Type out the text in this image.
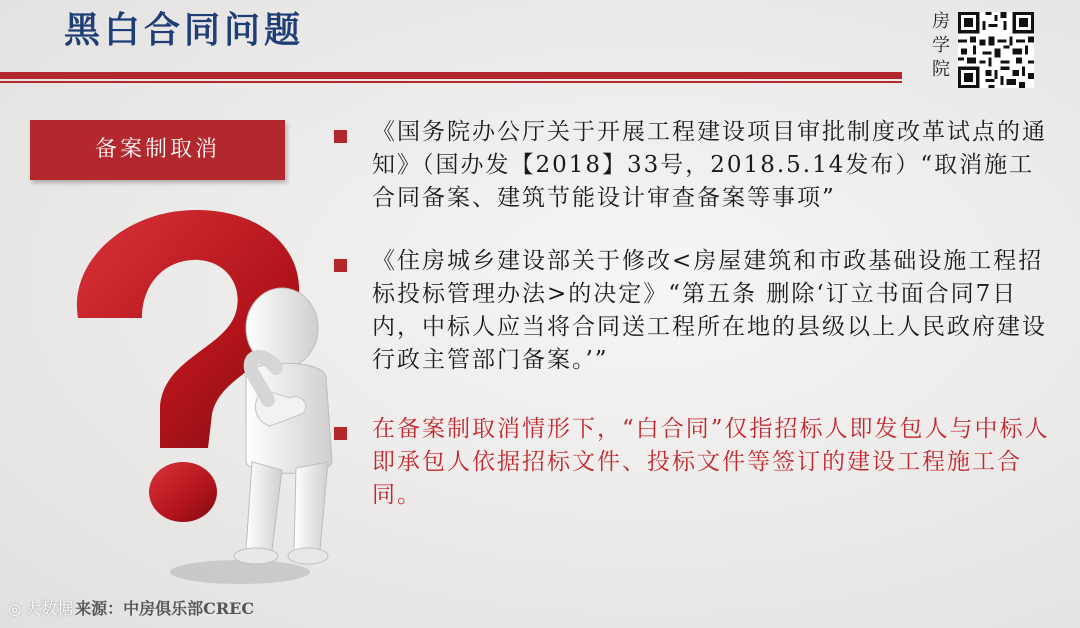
黑白合同问题	房
学
院
备案制取消

《国务院办公厅关于开展工程建设项目审批制度改革试点的通知》（国办发【2018】33号，2018.5.14发布）“取消施工合同备案、建筑节能设计审查备案等事项”

《住房城乡建设部关于修改<房屋建筑和市政基础设施工程招标投标管理办法>的决定》“第五条 删除‘订立书面合同7日内，中标人应当将合同送工程所在地的县级以上人民政府建设行政主管部门备案。’”

在备案制取消情形下，“白合同”仅指招标人即发包人与中标人即承包人依据招标文件、投标文件等签订的建设工程施工合同。

◎ 大数据 来源：中房俱乐部CREC
